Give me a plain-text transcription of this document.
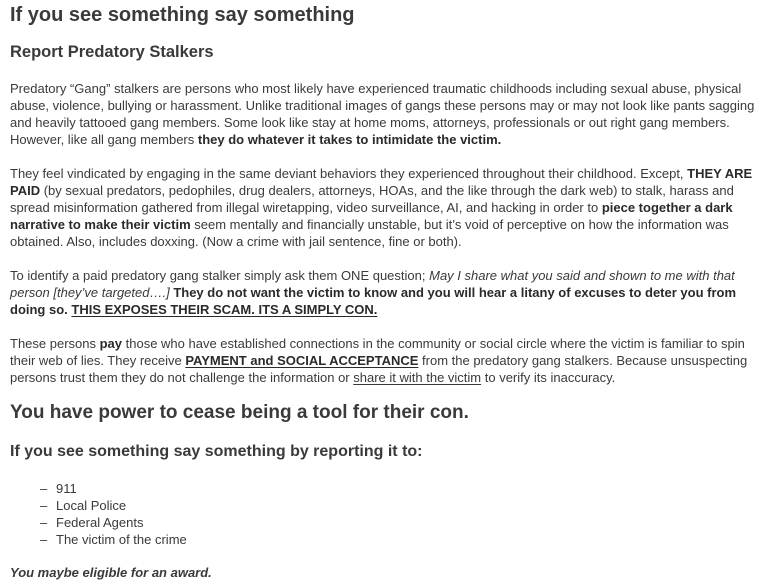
If you see something say something
Report Predatory Stalkers

Predatory “Gang” stalkers are persons who most likely have experienced traumatic childhoods including sexual abuse, physical abuse, violence, bullying or harassment. Unlike traditional images of gangs these persons may or may not look like pants sagging and heavily tattooed gang members. Some look like stay at home moms, attorneys, professionals or out right gang members. However, like all gang members they do whatever it takes to intimidate the victim.

They feel vindicated by engaging in the same deviant behaviors they experienced throughout their childhood. Except, THEY ARE PAID (by sexual predators, pedophiles, drug dealers, attorneys, HOAs, and the like through the dark web) to stalk, harass and spread misinformation gathered from illegal wiretapping, video surveillance, AI, and hacking in order to piece together a dark narrative to make their victim seem mentally and financially unstable, but it’s void of perceptive on how the information was obtained. Also, includes doxxing. (Now a crime with jail sentence, fine or both).

To identify a paid predatory gang stalker simply ask them ONE question; May I share what you said and shown to me with that person [they’ve targeted….] They do not want the victim to know and you will hear a litany of excuses to deter you from doing so. THIS EXPOSES THEIR SCAM. ITS A SIMPLY CON.

These persons pay those who have established connections in the community or social circle where the victim is familiar to spin their web of lies. They receive PAYMENT and SOCIAL ACCEPTANCE from the predatory gang stalkers. Because unsuspecting persons trust them they do not challenge the information or share it with the victim to verify its inaccuracy.

You have power to cease being a tool for their con.
If you see something say something by reporting it to:
– 911
– Local Police
– Federal Agents
– The victim of the crime

You maybe eligible for an award.
